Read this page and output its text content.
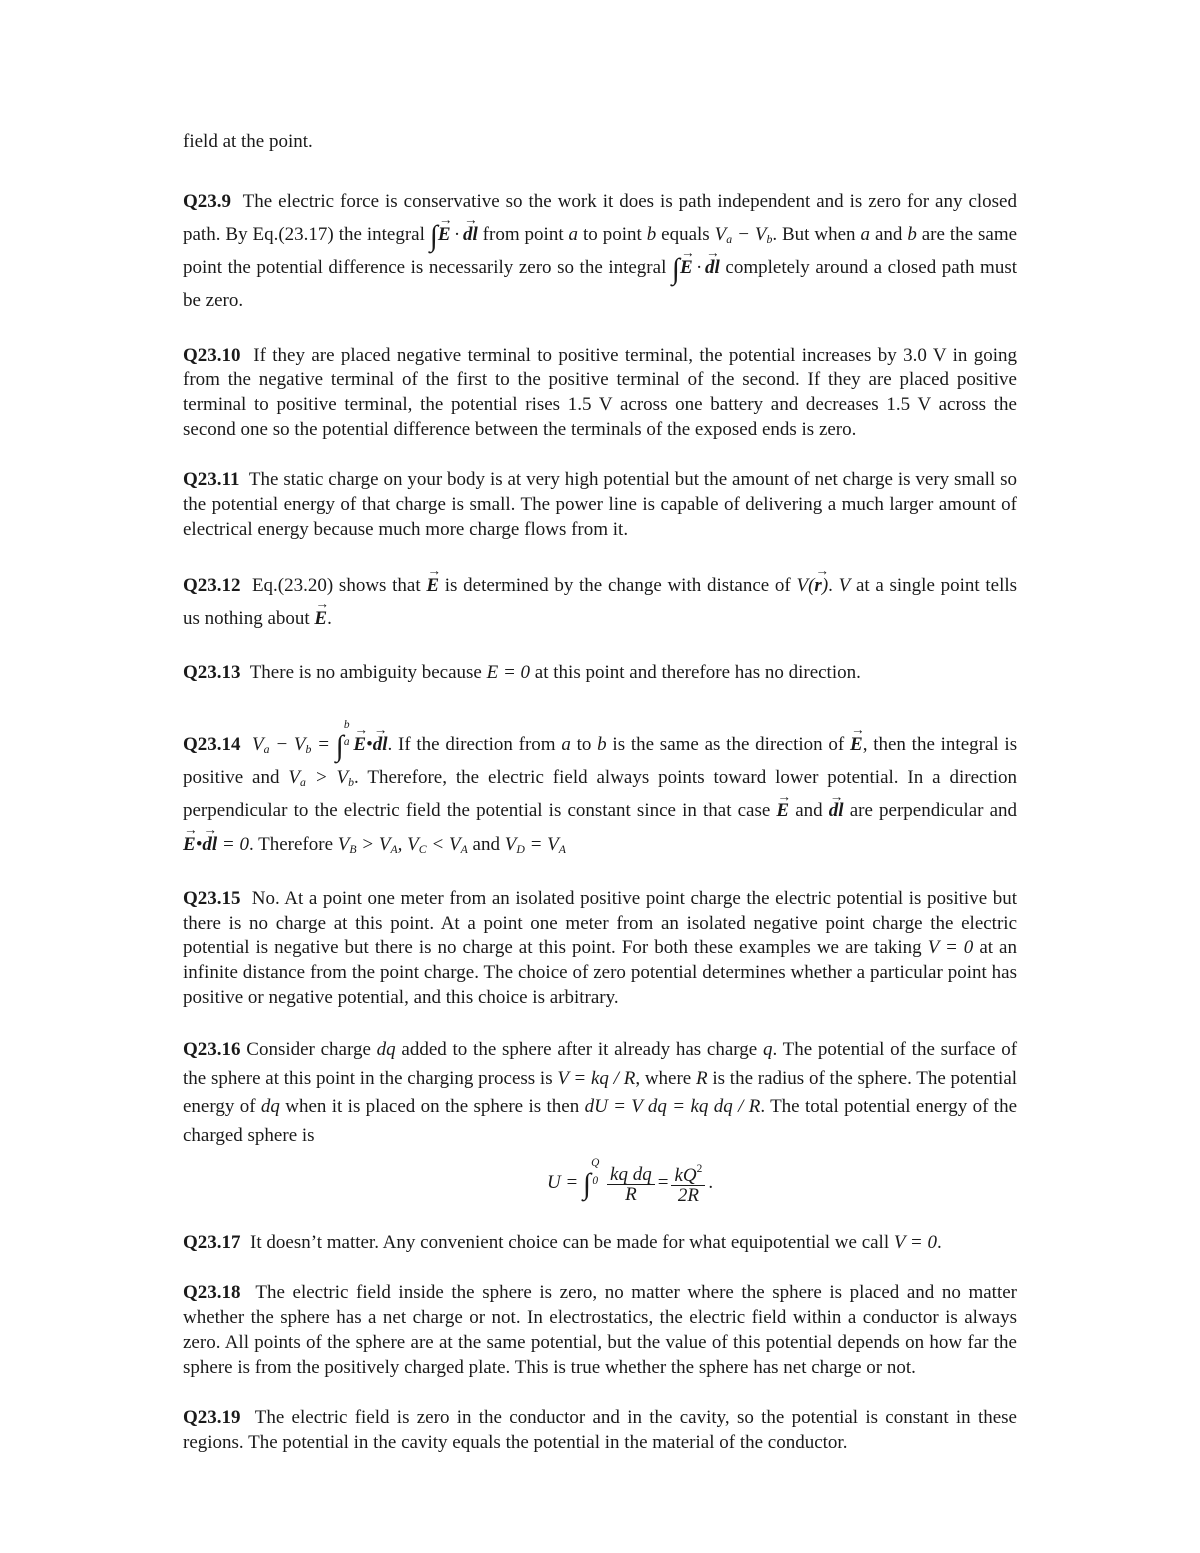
field at the point.

Q23.9 The electric force is conservative so the work it does is path independent and is zero for any closed path. By Eq.(23.17) the integral ∫→ E  ·  → dl from point a to point b equals $V_a - V_b$. But when a and b are the same point the potential difference is necessarily zero so the integral ∫→ E  ·  → dl completely around a closed path must be zero.

Q23.10 If they are placed negative terminal to positive terminal, the potential increases by 3.0 V in going from the negative terminal of the first to the positive terminal of the second. If they are placed positive terminal to positive terminal, the potential rises 1.5 V across one battery and decreases 1.5 V across the second one so the potential difference between the terminals of the exposed ends is zero.

Q23.11 The static charge on your body is at very high potential but the amount of net charge is very small so the potential energy of that charge is small. The power line is capable of delivering a much larger amount of electrical energy because much more charge flows from it.

Q23.12 Eq.(23.20) shows that → E is determined by the change with distance of V(→ r). V at a single point tells us nothing about → E.

Q23.13 There is no ambiguity because E = 0 at this point and therefore has no direction.

Q23.14 $V_a - V_b$ = ∫
b
a
  → E•→ dl. If the direction from a to b is the same as the direction of → E, then the integral is positive and $V_a > V_b$. Therefore, the electric field always points toward lower potential. In a direction perpendicular to the electric field the potential is constant since in that case → E and → dl are perpendicular and → E•→ dl = 0. Therefore $V_B > V_A$, $V_C < V_A$ and $V_D = V_A$

Q23.15 No. At a point one meter from an isolated positive point charge the electric potential is positive but there is no charge at this point. At a point one meter from an isolated negative point charge the electric potential is negative but there is no charge at this point. For both these examples we are taking V = 0 at an infinite distance from the point charge. The choice of zero potential determines whether a particular point has positive or negative potential, and this choice is arbitrary.

Q23.16 Consider charge dq added to the sphere after it already has charge q. The potential of the surface of the sphere at this point in the charging process is V = kq / R, where R is the radius of the sphere. The potential energy of dq when it is placed on the sphere is then dU = V dq = kq dq / R. The total potential energy of the charged sphere is

U = ∫
Q
0
$\frac{\text{kq dq}}{R} = \frac{kQ^2}{2R}$ .

Q23.17 It doesn’t matter. Any convenient choice can be made for what equipotential we call V = 0.

Q23.18 The electric field inside the sphere is zero, no matter where the sphere is placed and no matter whether the sphere has a net charge or not. In electrostatics, the electric field within a conductor is always zero. All points of the sphere are at the same potential, but the value of this potential depends on how far the sphere is from the positively charged plate. This is true whether the sphere has net charge or not.

Q23.19 The electric field is zero in the conductor and in the cavity, so the potential is constant in these regions. The potential in the cavity equals the potential in the material of the conductor.
